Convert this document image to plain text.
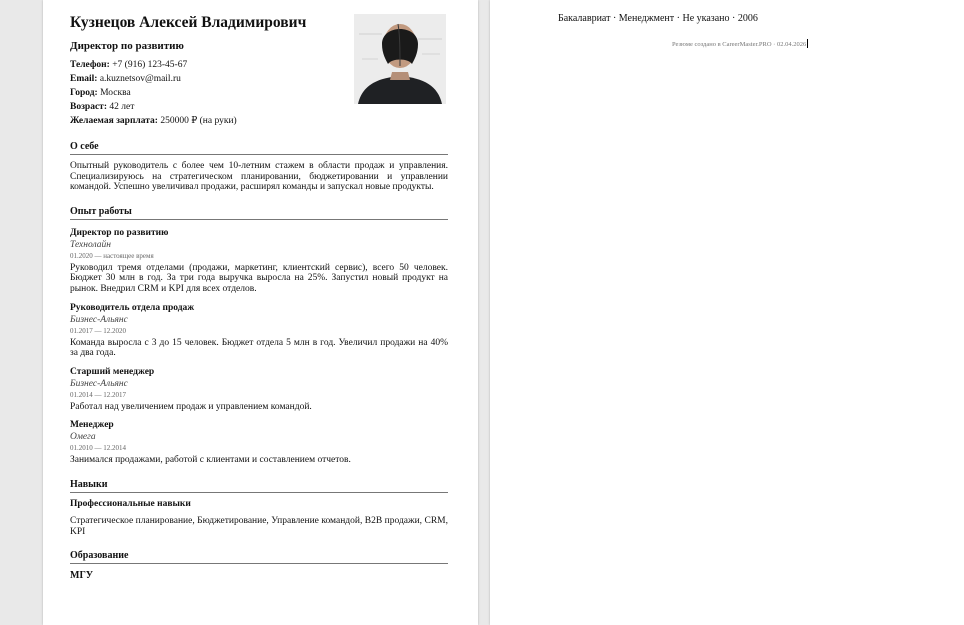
Кузнецов Алексей Владимирович
Директор по развитию
Телефон: +7 (916) 123-45-67
Email: a.kuznetsov@mail.ru
Город: Москва
Возраст: 42 лет
Желаемая зарплата: 250000 ₽ (на руки)
О себе
Опытный руководитель с более чем 10-летним стажем в области продаж и управления. Специализируюсь на стратегическом планировании, бюджетировании и управлении командой. Успешно увеличивал продажи, расширял команды и запускал новые продукты.
Опыт работы
Директор по развитию
Технолайн
01.2020 — настоящее время
Руководил тремя отделами (продажи, маркетинг, клиентский сервис), всего 50 человек. Бюджет 30 млн в год. За три года выручка выросла на 25%. Запустил новый продукт на рынок. Внедрил CRM и KPI для всех отделов.
Руководитель отдела продаж
Бизнес-Альянс
01.2017 — 12.2020
Команда выросла с 3 до 15 человек. Бюджет отдела 5 млн в год. Увеличил продажи на 40% за два года.
Старший менеджер
Бизнес-Альянс
01.2014 — 12.2017
Работал над увеличением продаж и управлением командой.
Менеджер
Омега
01.2010 — 12.2014
Занимался продажами, работой с клиентами и составлением отчетов.
Навыки
Профессиональные навыки
Стратегическое планирование, Бюджетирование, Управление командой, B2B продажи, CRM, KPI
Образование
МГУ
Бакалавриат · Менеджмент · Не указано · 2006
Резюме создано в CareerMaster.PRO · 02.04.2026
